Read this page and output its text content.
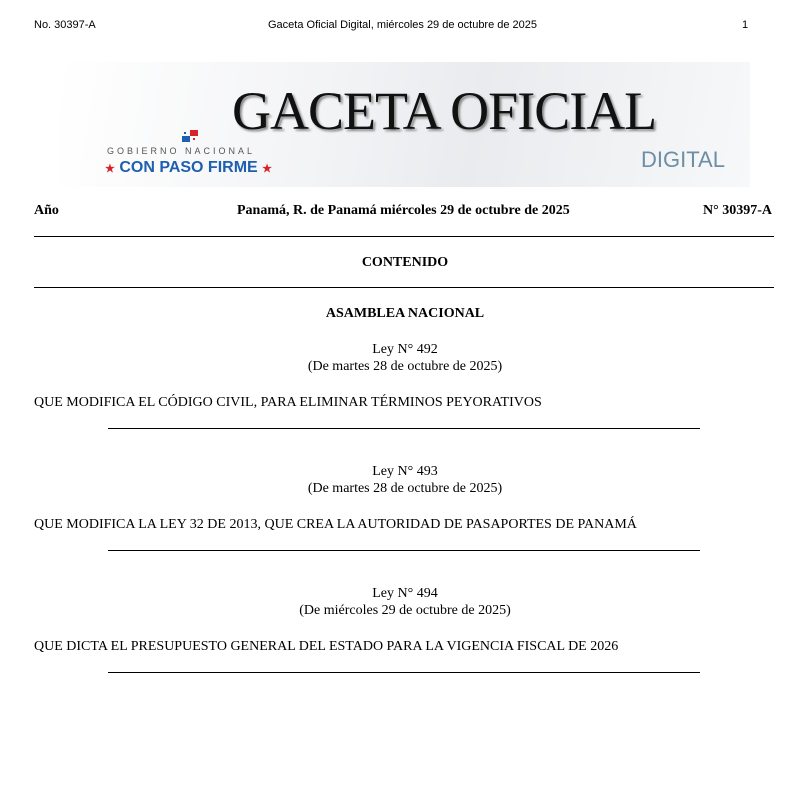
No. 30397-A	Gaceta Oficial Digital, miércoles 29 de octubre de 2025	1
GACETA OFICIAL
DIGITAL
GOBIERNO NACIONAL
★ CON PASO FIRME ★
Año	Panamá, R. de Panamá miércoles 29 de octubre de 2025	N° 30397-A
CONTENIDO
ASAMBLEA NACIONAL
Ley N° 492
(De martes 28 de octubre de 2025)
QUE MODIFICA EL CÓDIGO CIVIL, PARA ELIMINAR TÉRMINOS PEYORATIVOS
Ley N° 493
(De martes 28 de octubre de 2025)
QUE MODIFICA LA LEY 32 DE 2013, QUE CREA LA AUTORIDAD DE PASAPORTES DE PANAMÁ
Ley N° 494
(De miércoles 29 de octubre de 2025)
QUE DICTA EL PRESUPUESTO GENERAL DEL ESTADO PARA LA VIGENCIA FISCAL DE 2026
